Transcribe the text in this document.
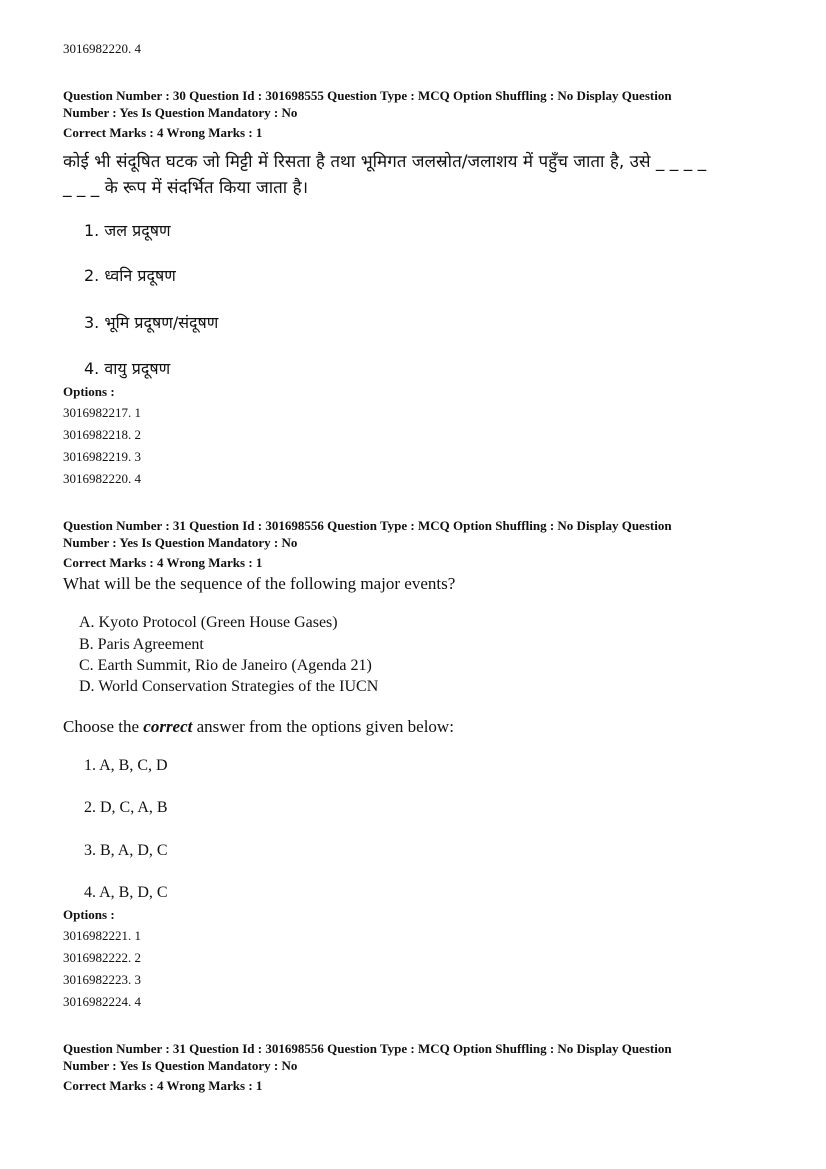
3016982220. 4
Question Number : 30 Question Id : 301698555 Question Type : MCQ Option Shuffling : No Display Question
Number : Yes Is Question Mandatory : No
Correct Marks : 4 Wrong Marks : 1
कोई भी संदूषित घटक जो मिट्टी में रिसता है तथा भूमिगत जलस्रोत/जलाशय में पहुँच जाता है, उसे _ _ _ _
_ _ _ के रूप में संदर्भित किया जाता है।
1. जल प्रदूषण
2. ध्वनि प्रदूषण
3. भूमि प्रदूषण/संदूषण
4. वायु प्रदूषण
Options :
3016982217. 1
3016982218. 2
3016982219. 3
3016982220. 4
Question Number : 31 Question Id : 301698556 Question Type : MCQ Option Shuffling : No Display Question
Number : Yes Is Question Mandatory : No
Correct Marks : 4 Wrong Marks : 1
What will be the sequence of the following major events?
A. Kyoto Protocol (Green House Gases)
B. Paris Agreement
C. Earth Summit, Rio de Janeiro (Agenda 21)
D. World Conservation Strategies of the IUCN
Choose the correct answer from the options given below:
1. A, B, C, D
2. D, C, A, B
3. B, A, D, C
4. A, B, D, C
Options :
3016982221. 1
3016982222. 2
3016982223. 3
3016982224. 4
Question Number : 31 Question Id : 301698556 Question Type : MCQ Option Shuffling : No Display Question
Number : Yes Is Question Mandatory : No
Correct Marks : 4 Wrong Marks : 1
